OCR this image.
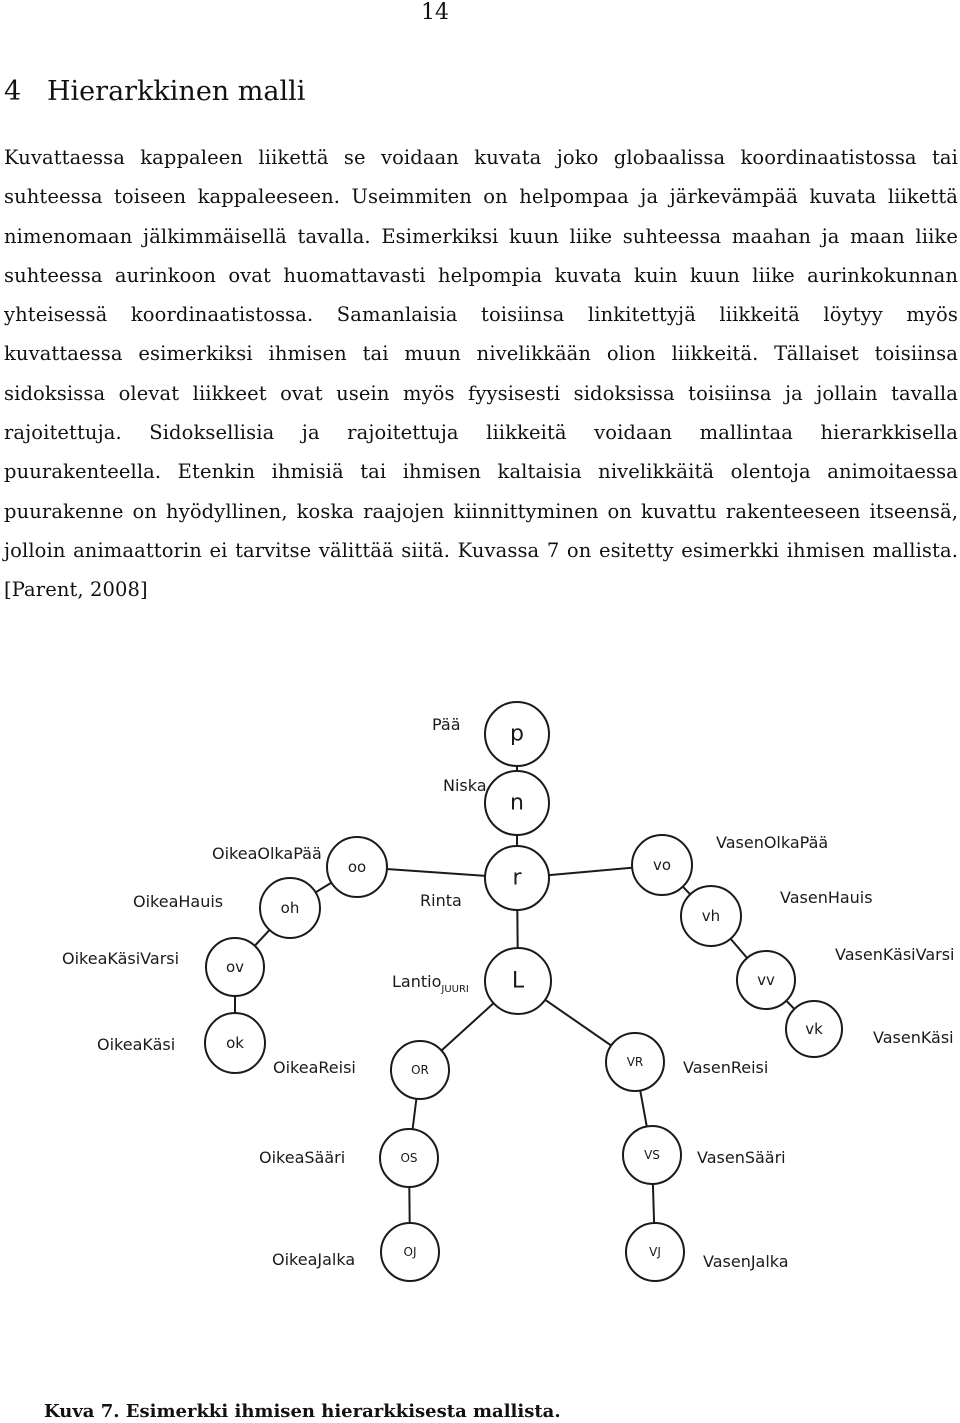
14
4 Hierarkkinen malli

Kuvattaessa kappaleen liikettä se voidaan kuvata joko globaalissa koordinaatistossa tai suhteessa toiseen kappaleeseen. Useimmiten on helpompaa ja järkevämpää kuvata liikettä nimenomaan jälkimmäisellä tavalla. Esimerkiksi kuun liike suhteessa maahan ja maan liike suhteessa aurinkoon ovat huomattavasti helpompia kuvata kuin kuun liike aurinkokunnan yhteisessä koordinaatistossa. Samanlaisia toisiinsa linkitettyjä liikkeitä löytyy myös kuvattaessa esimerkiksi ihmisen tai muun nivelikkään olion liikkeitä. Tällaiset toisiinsa sidoksissa olevat liikkeet ovat usein myös fyysisesti sidoksissa toisiinsa ja jollain tavalla rajoitettuja. Sidoksellisia ja rajoitettuja liikkeitä voidaan mallintaa hierarkkisella puurakenteella. Etenkin ihmisiä tai ihmisen kaltaisia nivelikkäitä olentoja animoitaessa puurakenne on hyödyllinen, koska raajojen kiinnittyminen on kuvattu rakenteeseen itseensä, jolloin animaattorin ei tarvitse välittää siitä. Kuvassa 7 on esitetty esimerkki ihmisen mallista. [Parent, 2008]

p
Pää
n
Niska
r
Rinta
L
Lantio$_{JUURI}$
oo
OikeaOlkaPää
oh
OikeaHauis
ov
OikeaKäsiVarsi
ok
OikeaKäsi
vo
VasenOlkaPää
vh
VasenHauis
vv
VasenKäsiVarsi
vk	VasenKäsi
OR
OikeaReisi
OS
OikeaSääri
OJ
OikeaJalka
VR VasenReisi
VS VasenSääri
VJ	VasenJalka

Kuva 7. Esimerkki ihmisen hierarkkisesta mallista.
